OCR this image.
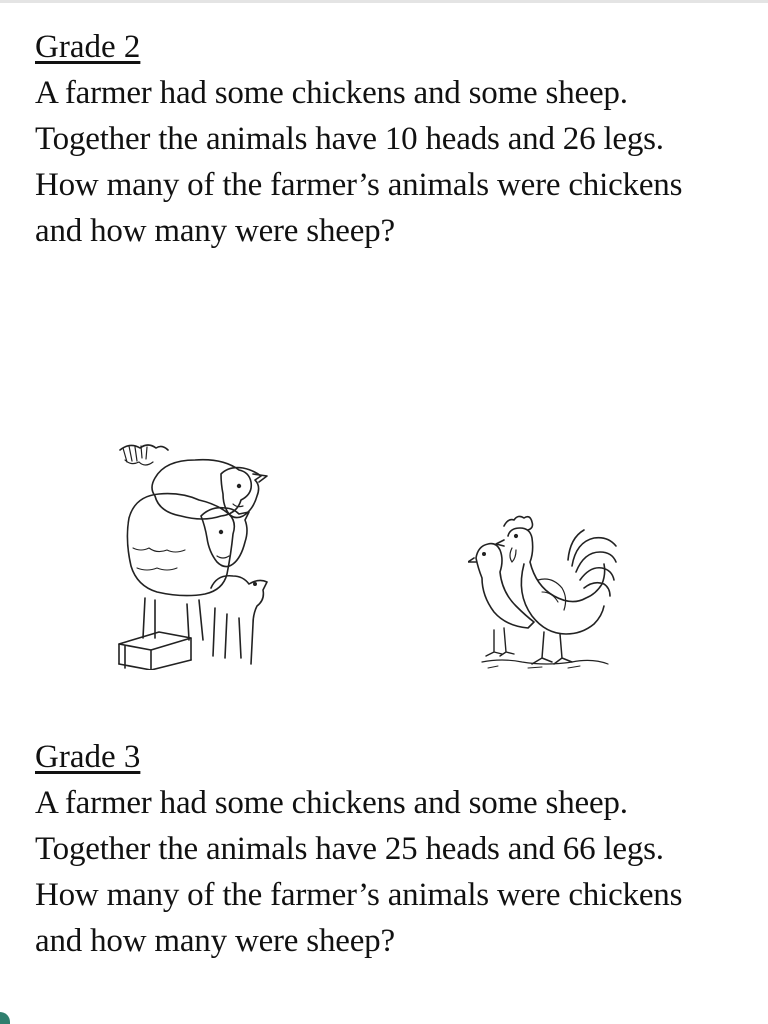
Grade 2
A farmer had some chickens and some sheep.
Together the animals have 10 heads and 26 legs.
How many of the farmer’s animals were chickens
and how many were sheep?
Grade 3
A farmer had some chickens and some sheep.
Together the animals have 25 heads and 66 legs.
How many of the farmer’s animals were chickens
and how many were sheep?
